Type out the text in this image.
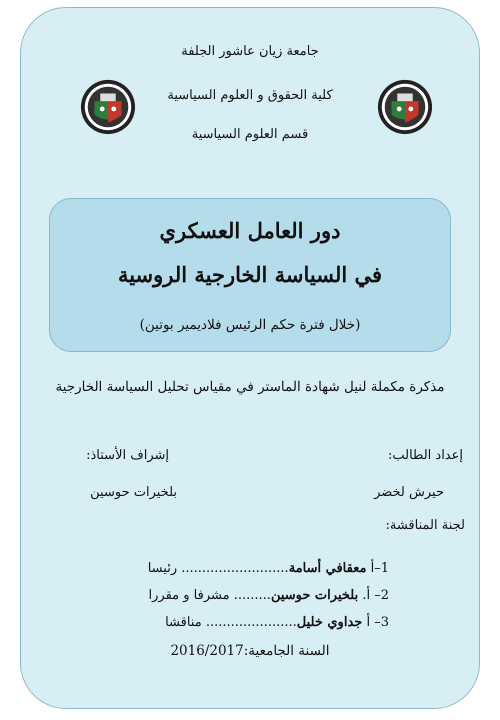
جامعة زيان عاشور الجلفة
كلية الحقوق و العلوم السياسية
قسم العلوم السياسية
دور العامل العسكري
في السياسة الخارجية الروسية
(خلال فترة حكم الرئيس فلاديمير بوتين)
مذكرة مكملة لنيل شهادة الماستر في مقياس تحليل السياسة الخارجية
إعداد الطالب:
إشراف الأستاذ:
حيرش لخضر
بلخيرات حوسين
لجنة المناقشة:
1–أ معقافي أسامة.......................... رئيسا
2– أ. بلخيرات حوسين......... مشرفا و مقررا
3– أ جداوي خليل...................... مناقشا
السنة الجامعية:2016/2017
